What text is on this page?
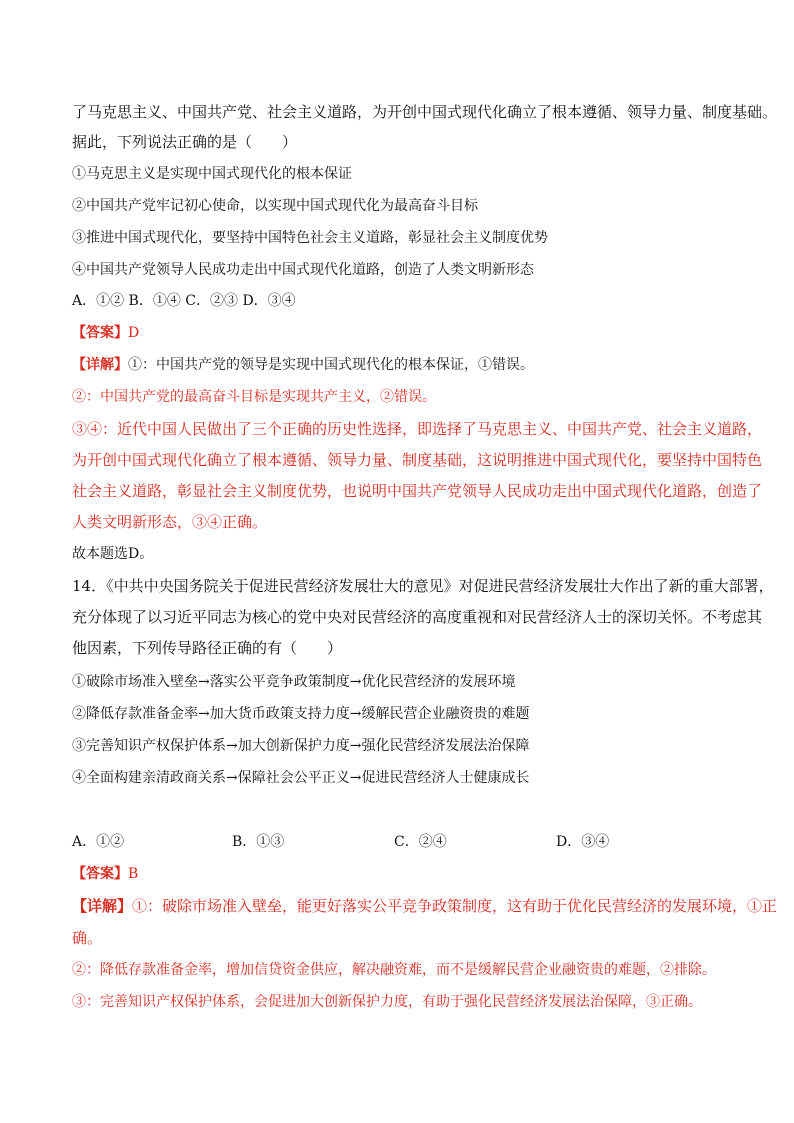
了马克思主义、中国共产党、社会主义道路，为开创中国式现代化确立了根本遵循、领导力量、制度基础。
据此，下列说法正确的是（　　）
①马克思主义是实现中国式现代化的根本保证
②中国共产党牢记初心使命，以实现中国式现代化为最高奋斗目标
③推进中国式现代化，要坚持中国特色社会主义道路，彰显社会主义制度优势
④中国共产党领导人民成功走出中国式现代化道路，创造了人类文明新形态
A．①② B．①④ C．②③ D．③④
【答案】D
【详解】①：中国共产党的领导是实现中国式现代化的根本保证，①错误。
②：中国共产党的最高奋斗目标是实现共产主义，②错误。
③④：近代中国人民做出了三个正确的历史性选择，即选择了马克思主义、中国共产党、社会主义道路，
为开创中国式现代化确立了根本遵循、领导力量、制度基础，这说明推进中国式现代化，要坚持中国特色
社会主义道路，彰显社会主义制度优势，也说明中国共产党领导人民成功走出中国式现代化道路，创造了
人类文明新形态，③④正确。
故本题选D。
14．《中共中央国务院关于促进民营经济发展壮大的意见》对促进民营经济发展壮大作出了新的重大部署，
充分体现了以习近平同志为核心的党中央对民营经济的高度重视和对民营经济人士的深切关怀。不考虑其
他因素，下列传导路径正确的有（　　）
①破除市场准入壁垒→落实公平竞争政策制度→优化民营经济的发展环境
②降低存款准备金率→加大货币政策支持力度→缓解民营企业融资贵的难题
③完善知识产权保护体系→加大创新保护力度→强化民营经济发展法治保障
④全面构建亲清政商关系→保障社会公平正义→促进民营经济人士健康成长
A．①②	B．①③	C．②④	D．③④
【答案】B
【详解】①：破除市场准入壁垒，能更好落实公平竞争政策制度，这有助于优化民营经济的发展环境，①正
确。
②：降低存款准备金率，增加信贷资金供应，解决融资难，而不是缓解民营企业融资贵的难题，②排除。
③：完善知识产权保护体系，会促进加大创新保护力度，有助于强化民营经济发展法治保障，③正确。
